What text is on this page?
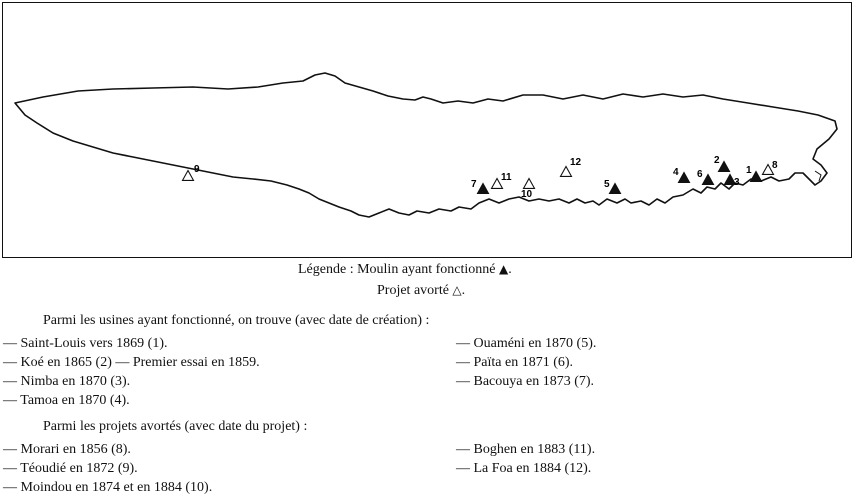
1 8
2
3
6
4
5
12
10
11
7
9
Légende : Moulin ayant fonctionné ▲.
Projet avorté △.
Parmi les usines ayant fonctionné, on trouve (avec date de création) :
— Saint-Louis vers 1869 (1).
— Koé en 1865 (2) — Premier essai en 1859.
— Nimba en 1870 (3).
— Tamoa en 1870 (4).
— Ouaméni en 1870 (5).
— Païta en 1871 (6).
— Bacouya en 1873 (7).
Parmi les projets avortés (avec date du projet) :
— Morari en 1856 (8).
— Téoudié en 1872 (9).
— Moindou en 1874 et en 1884 (10).
— Boghen en 1883 (11).
— La Foa en 1884 (12).
